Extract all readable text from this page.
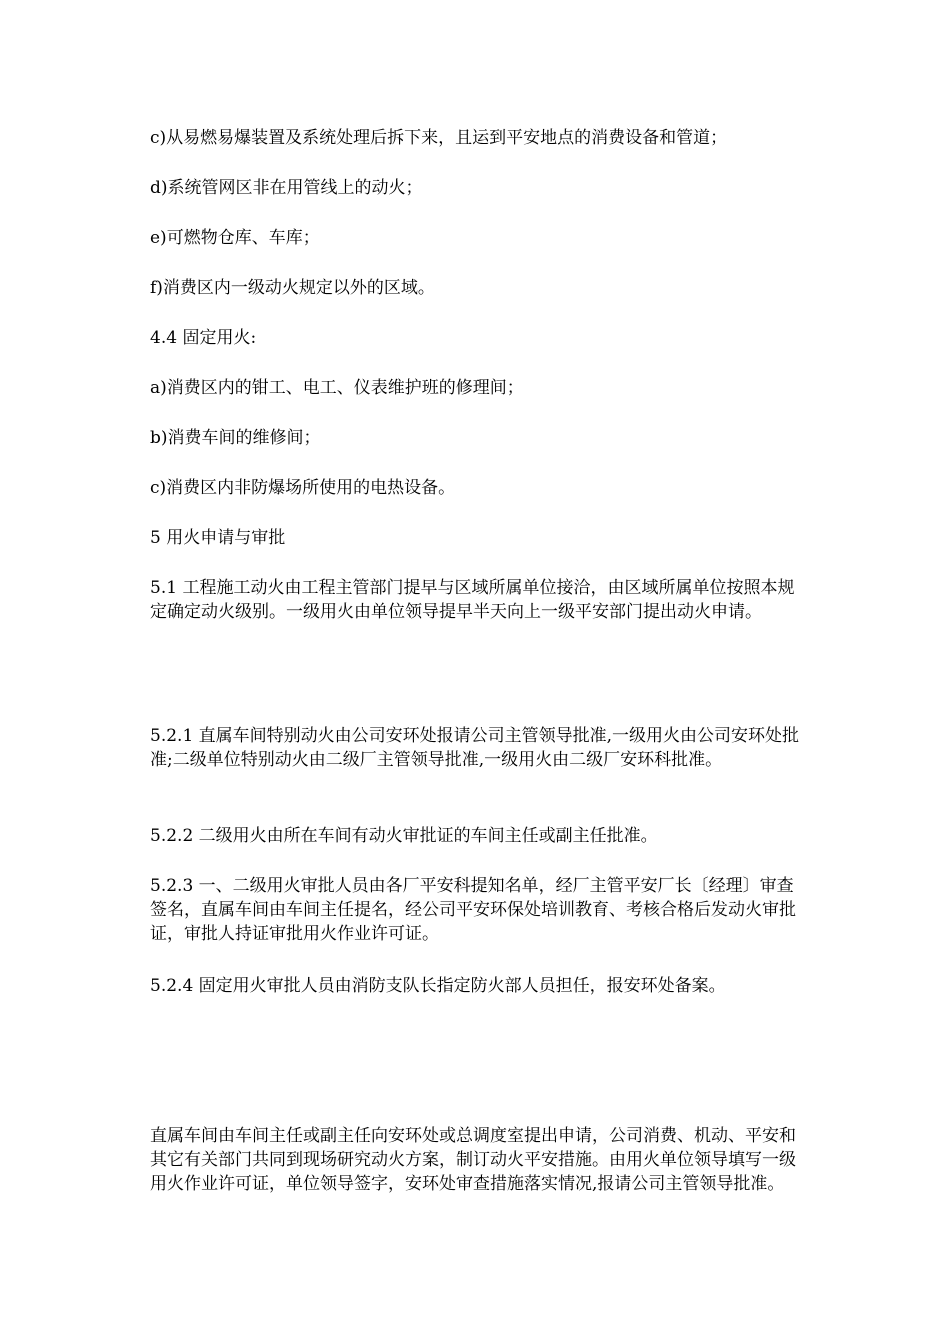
c)从易燃易爆装置及系统处理后拆下来，且运到平安地点的消费设备和管道；

d)系统管网区非在用管线上的动火；

e)可燃物仓库、车库；

f)消费区内一级动火规定以外的区域。

4.4 固定用火:

a)消费区内的钳工、电工、仪表维护班的修理间；

b)消费车间的维修间；

c)消费区内非防爆场所使用的电热设备。

5 用火申请与审批

5.1 工程施工动火由工程主管部门提早与区域所属单位接洽，由区域所属单位按照本规定确定动火级别。一级用火由单位领导提早半天向上一级平安部门提出动火申请。

5.2.1 直属车间特别动火由公司安环处报请公司主管领导批准,一级用火由公司安环处批准;二级单位特别动火由二级厂主管领导批准,一级用火由二级厂安环科批准。

5.2.2 二级用火由所在车间有动火审批证的车间主任或副主任批准。

5.2.3 一、二级用火审批人员由各厂平安科提知名单，经厂主管平安厂长〔经理〕审查签名，直属车间由车间主任提名，经公司平安环保处培训教育、考核合格后发动火审批证，审批人持证审批用火作业许可证。

5.2.4 固定用火审批人员由消防支队长指定防火部人员担任，报安环处备案。

直属车间由车间主任或副主任向安环处或总调度室提出申请，公司消费、机动、平安和其它有关部门共同到现场研究动火方案，制订动火平安措施。由用火单位领导填写一级用火作业许可证，单位领导签字，安环处审查措施落实情况,报请公司主管领导批准。
